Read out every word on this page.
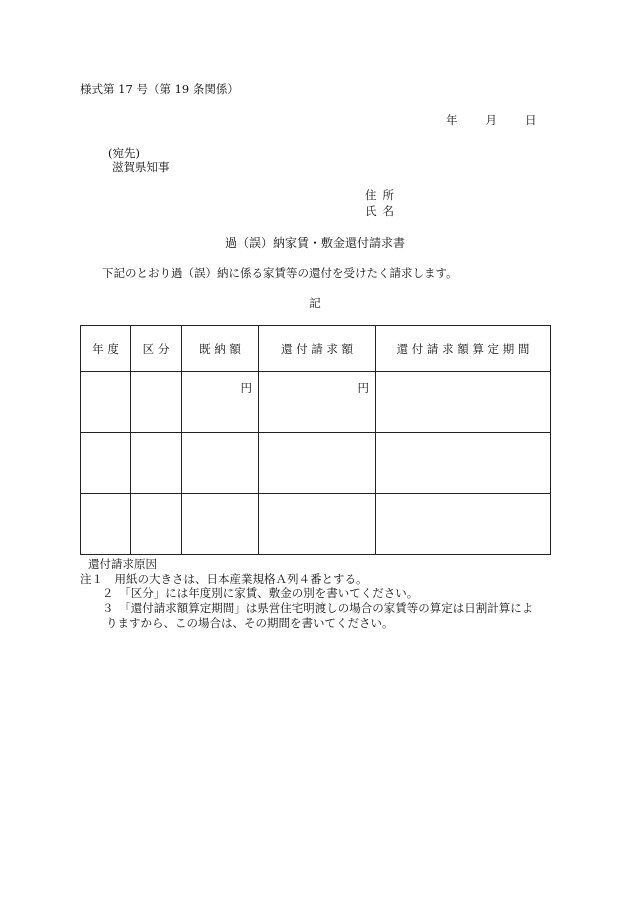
様式第 17 号（第 19 条関係）
年 月 日
(宛先)
滋賀県知事
住所
氏名
過（誤）納家賃・敷金還付請求書
下記のとおり過（誤）納に係る家賃等の還付を受けたく請求します。
記
年 度	区 分	既 納 額	還 付 請 求 額	還 付 請 求 額 算 定 期 間

		円	円	

還付請求原因
注１　用紙の大きさは、日本産業規格Ａ列４番とする。
２　「区分」には年度別に家賃、敷金の別を書いてください。
３　「還付請求額算定期間」は県営住宅明渡しの場合の家賃等の算定は日割計算によ
りますから、この場合は、その期間を書いてください。
